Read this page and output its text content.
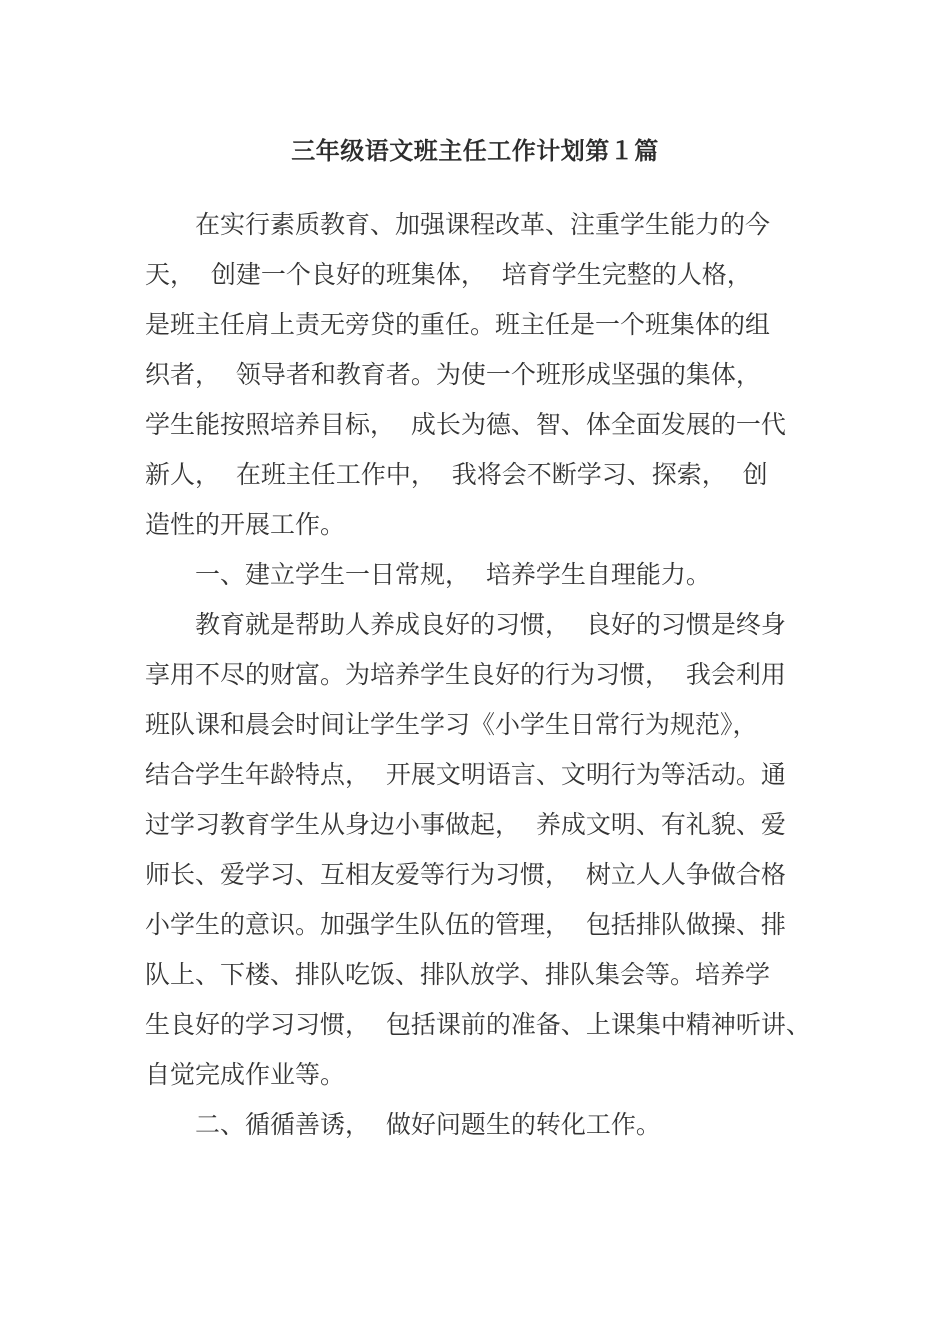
三年级语文班主任工作计划第１篇
在实行素质教育、加强课程改革、注重学生能力的今
天，  创建一个良好的班集体，  培育学生完整的人格，
是班主任肩上责无旁贷的重任。班主任是一个班集体的组
织者，  领导者和教育者。为使一个班形成坚强的集体，
学生能按照培养目标，  成长为德、智、体全面发展的一代
新人，  在班主任工作中，  我将会不断学习、探索，  创
造性的开展工作。
一、建立学生一日常规，  培养学生自理能力。
教育就是帮助人养成良好的习惯，  良好的习惯是终身
享用不尽的财富。为培养学生良好的行为习惯，  我会利用
班队课和晨会时间让学生学习《小学生日常行为规范》，
结合学生年龄特点，  开展文明语言、文明行为等活动。通
过学习教育学生从身边小事做起，  养成文明、有礼貌、爱
师长、爱学习、互相友爱等行为习惯，  树立人人争做合格
小学生的意识。加强学生队伍的管理，  包括排队做操、排
队上、下楼、排队吃饭、排队放学、排队集会等。培养学
生良好的学习习惯，  包括课前的准备、上课集中精神听讲、
自觉完成作业等。
二、循循善诱，  做好问题生的转化工作。
